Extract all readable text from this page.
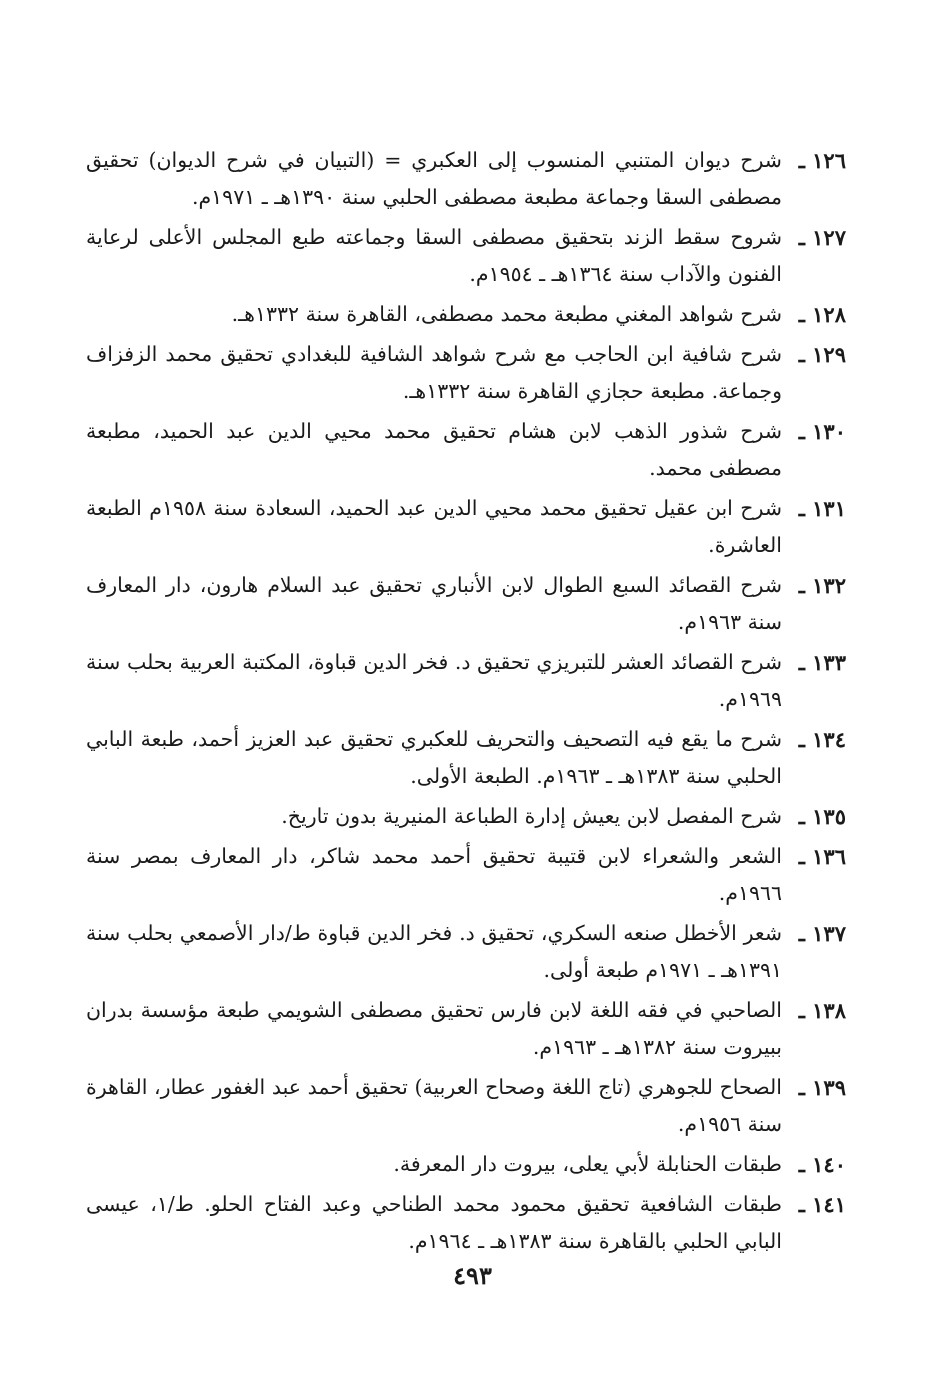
١٢٦ ـ
شرح ديوان المتنبي المنسوب إلى العكبري = (التبيان في شرح الديوان) تحقيق مصطفى السقا وجماعة مطبعة مصطفى الحلبي سنة ١٣٩٠هـ ـ ١٩٧١م.
١٢٧ ـ
شروح سقط الزند بتحقيق مصطفى السقا وجماعته طبع المجلس الأعلى لرعاية الفنون والآداب سنة ١٣٦٤هـ ـ ١٩٥٤م.
١٢٨ ـ
شرح شواهد المغني مطبعة محمد مصطفى، القاهرة سنة ١٣٣٢هـ.
١٢٩ ـ
شرح شافية ابن الحاجب مع شرح شواهد الشافية للبغدادي تحقيق محمد الزفزاف وجماعة. مطبعة حجازي القاهرة سنة ١٣٣٢هـ.
١٣٠ ـ
شرح شذور الذهب لابن هشام تحقيق محمد محيي الدين عبد الحميد، مطبعة مصطفى محمد.
١٣١ ـ
شرح ابن عقيل تحقيق محمد محيي الدين عبد الحميد، السعادة سنة ١٩٥٨م الطبعة العاشرة.
١٣٢ ـ
شرح القصائد السبع الطوال لابن الأنباري تحقيق عبد السلام هارون، دار المعارف سنة ١٩٦٣م.
١٣٣ ـ
شرح القصائد العشر للتبريزي تحقيق د. فخر الدين قباوة، المكتبة العربية بحلب سنة ١٩٦٩م.
١٣٤ ـ
شرح ما يقع فيه التصحيف والتحريف للعكبري تحقيق عبد العزيز أحمد، طبعة البابي الحلبي سنة ١٣٨٣هـ ـ ١٩٦٣م. الطبعة الأولى.
١٣٥ ـ
شرح المفصل لابن يعيش إدارة الطباعة المنيرية بدون تاريخ.
١٣٦ ـ
الشعر والشعراء لابن قتيبة تحقيق أحمد محمد شاكر، دار المعارف بمصر سنة ١٩٦٦م.
١٣٧ ـ
شعر الأخطل صنعه السكري، تحقيق د. فخر الدين قباوة ط/دار الأصمعي بحلب سنة ١٣٩١هـ ـ ١٩٧١م طبعة أولى.
١٣٨ ـ
الصاحبي في فقه اللغة لابن فارس تحقيق مصطفى الشويمي طبعة مؤسسة بدران ببيروت سنة ١٣٨٢هـ ـ ١٩٦٣م.
١٣٩ ـ
الصحاح للجوهري (تاج اللغة وصحاح العربية) تحقيق أحمد عبد الغفور عطار، القاهرة سنة ١٩٥٦م.
١٤٠ ـ
طبقات الحنابلة لأبي يعلى، بيروت دار المعرفة.
١٤١ ـ
طبقات الشافعية تحقيق محمود محمد الطناحي وعبد الفتاح الحلو. ط/١، عيسى البابي الحلبي بالقاهرة سنة ١٣٨٣هـ ـ ١٩٦٤م.
٤٩٣
